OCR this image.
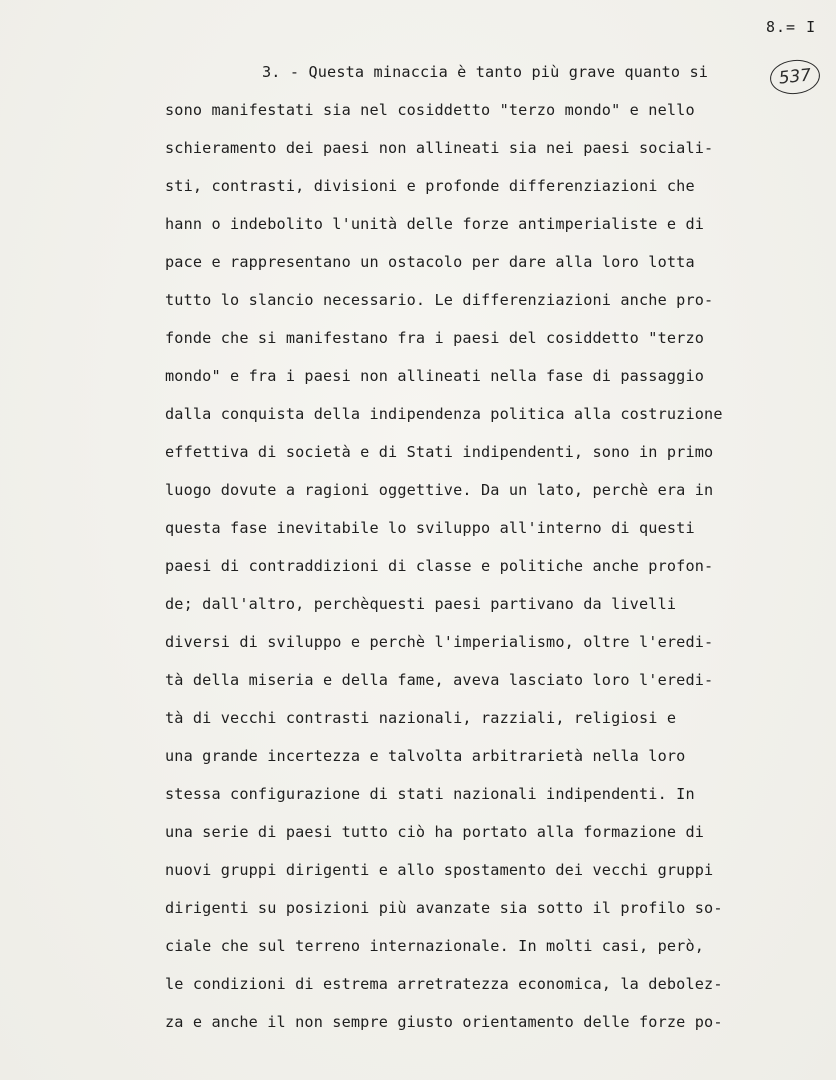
8.= I
537
3. - Questa minaccia è tanto più grave quanto si
sono manifestati sia nel cosiddetto "terzo mondo" e nello
schieramento dei paesi non allineati sia nei paesi sociali-
sti, contrasti, divisioni e profonde differenziazioni che
hann o indebolito l'unità delle forze antimperialiste e di
pace e rappresentano un ostacolo per dare alla loro lotta
tutto lo slancio necessario. Le differenziazioni anche pro-
fonde che si manifestano fra i paesi del cosiddetto "terzo
mondo" e fra i paesi non allineati nella fase di passaggio
dalla conquista della indipendenza politica alla costruzione
effettiva di società e di Stati indipendenti, sono in primo
luogo dovute a ragioni oggettive. Da un lato, perchè era in
questa fase inevitabile lo sviluppo all'interno di questi
paesi di contraddizioni di classe e politiche anche profon-
de; dall'altro, perchèquesti paesi partivano da livelli
diversi di sviluppo e perchè l'imperialismo, oltre l'eredi-
tà della miseria e della fame, aveva lasciato loro l'eredi-
tà di vecchi contrasti nazionali, razziali, religiosi e
una grande incertezza e talvolta arbitrarietà nella loro
stessa configurazione di stati nazionali indipendenti. In
una serie di paesi tutto ciò ha portato alla formazione di
nuovi gruppi dirigenti e allo spostamento dei vecchi gruppi
dirigenti su posizioni più avanzate sia sotto il profilo so-
ciale che sul terreno internazionale. In molti casi, però,
le condizioni di estrema arretratezza economica, la debolez-
za e anche il non sempre giusto orientamento delle forze po-
